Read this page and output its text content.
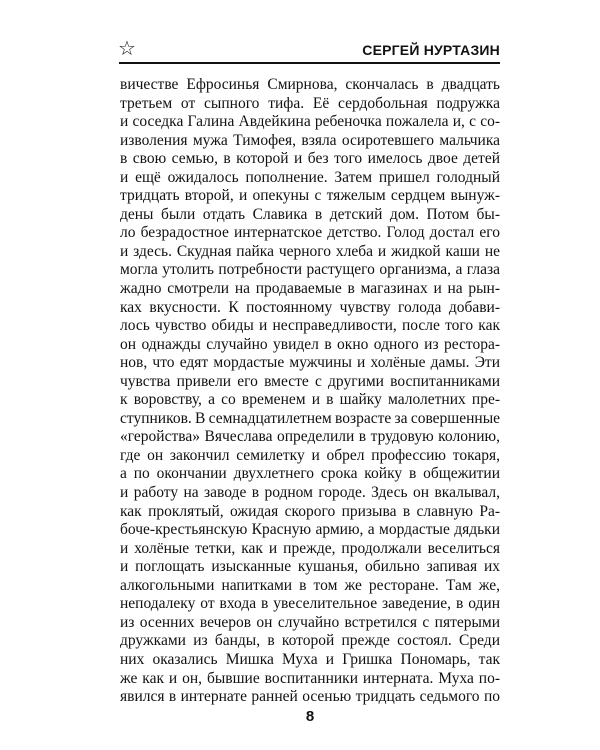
☆	СЕРГЕЙ НУРТАЗИН
вичестве Ефросинья Смирнова, скончалась в двадцать
третьем от сыпного тифа. Её сердобольная подружка
и соседка Галина Авдейкина ребеночка пожалела и, с со-
изволения мужа Тимофея, взяла осиротевшего мальчика
в свою семью, в которой и без того имелось двое детей
и ещё ожидалось пополнение. Затем пришел голодный
тридцать второй, и опекуны с тяжелым сердцем вынуж-
дены были отдать Славика в детский дом. Потом бы-
ло безрадостное интернатское детство. Голод достал его
и здесь. Скудная пайка черного хлеба и жидкой каши не
могла утолить потребности растущего организма, а глаза
жадно смотрели на продаваемые в магазинах и на рын-
ках вкусности. К постоянному чувству голода добави-
лось чувство обиды и несправедливости, после того как
он однажды случайно увидел в окно одного из ресторa-
нов, что едят мордастые мужчины и холёные дамы. Эти
чувства привели его вместе с другими воспитанниками
к воровству, а со временем и в шайку малолетних пре-
ступников. В семнадцатилетнем возрасте за совершенные
«геройства» Вячеслава определили в трудовую колонию,
где он закончил семилетку и обрел профессию токаря,
а по окончании двухлетнего срока койку в общежитии
и работу на заводе в родном городе. Здесь он вкалывал,
как проклятый, ожидая скорого призыва в славную Ра-
боче-крестьянскую Красную армию, а мордастые дядьки
и холёные тетки, как и прежде, продолжали веселиться
и поглощать изысканные кушанья, обильно запивая их
алкогольными напитками в том же ресторане. Там же,
неподалеку от входа в увеселительное заведение, в один
из осенних вечеров он случайно встретился с пятерыми
дружками из банды, в которой прежде состоял. Среди
них оказались Мишка Муха и Гришка Пономарь, так
же как и он, бывшие воспитанники интерната. Муха по-
явился в интернате ранней осенью тридцать седьмого по
8
